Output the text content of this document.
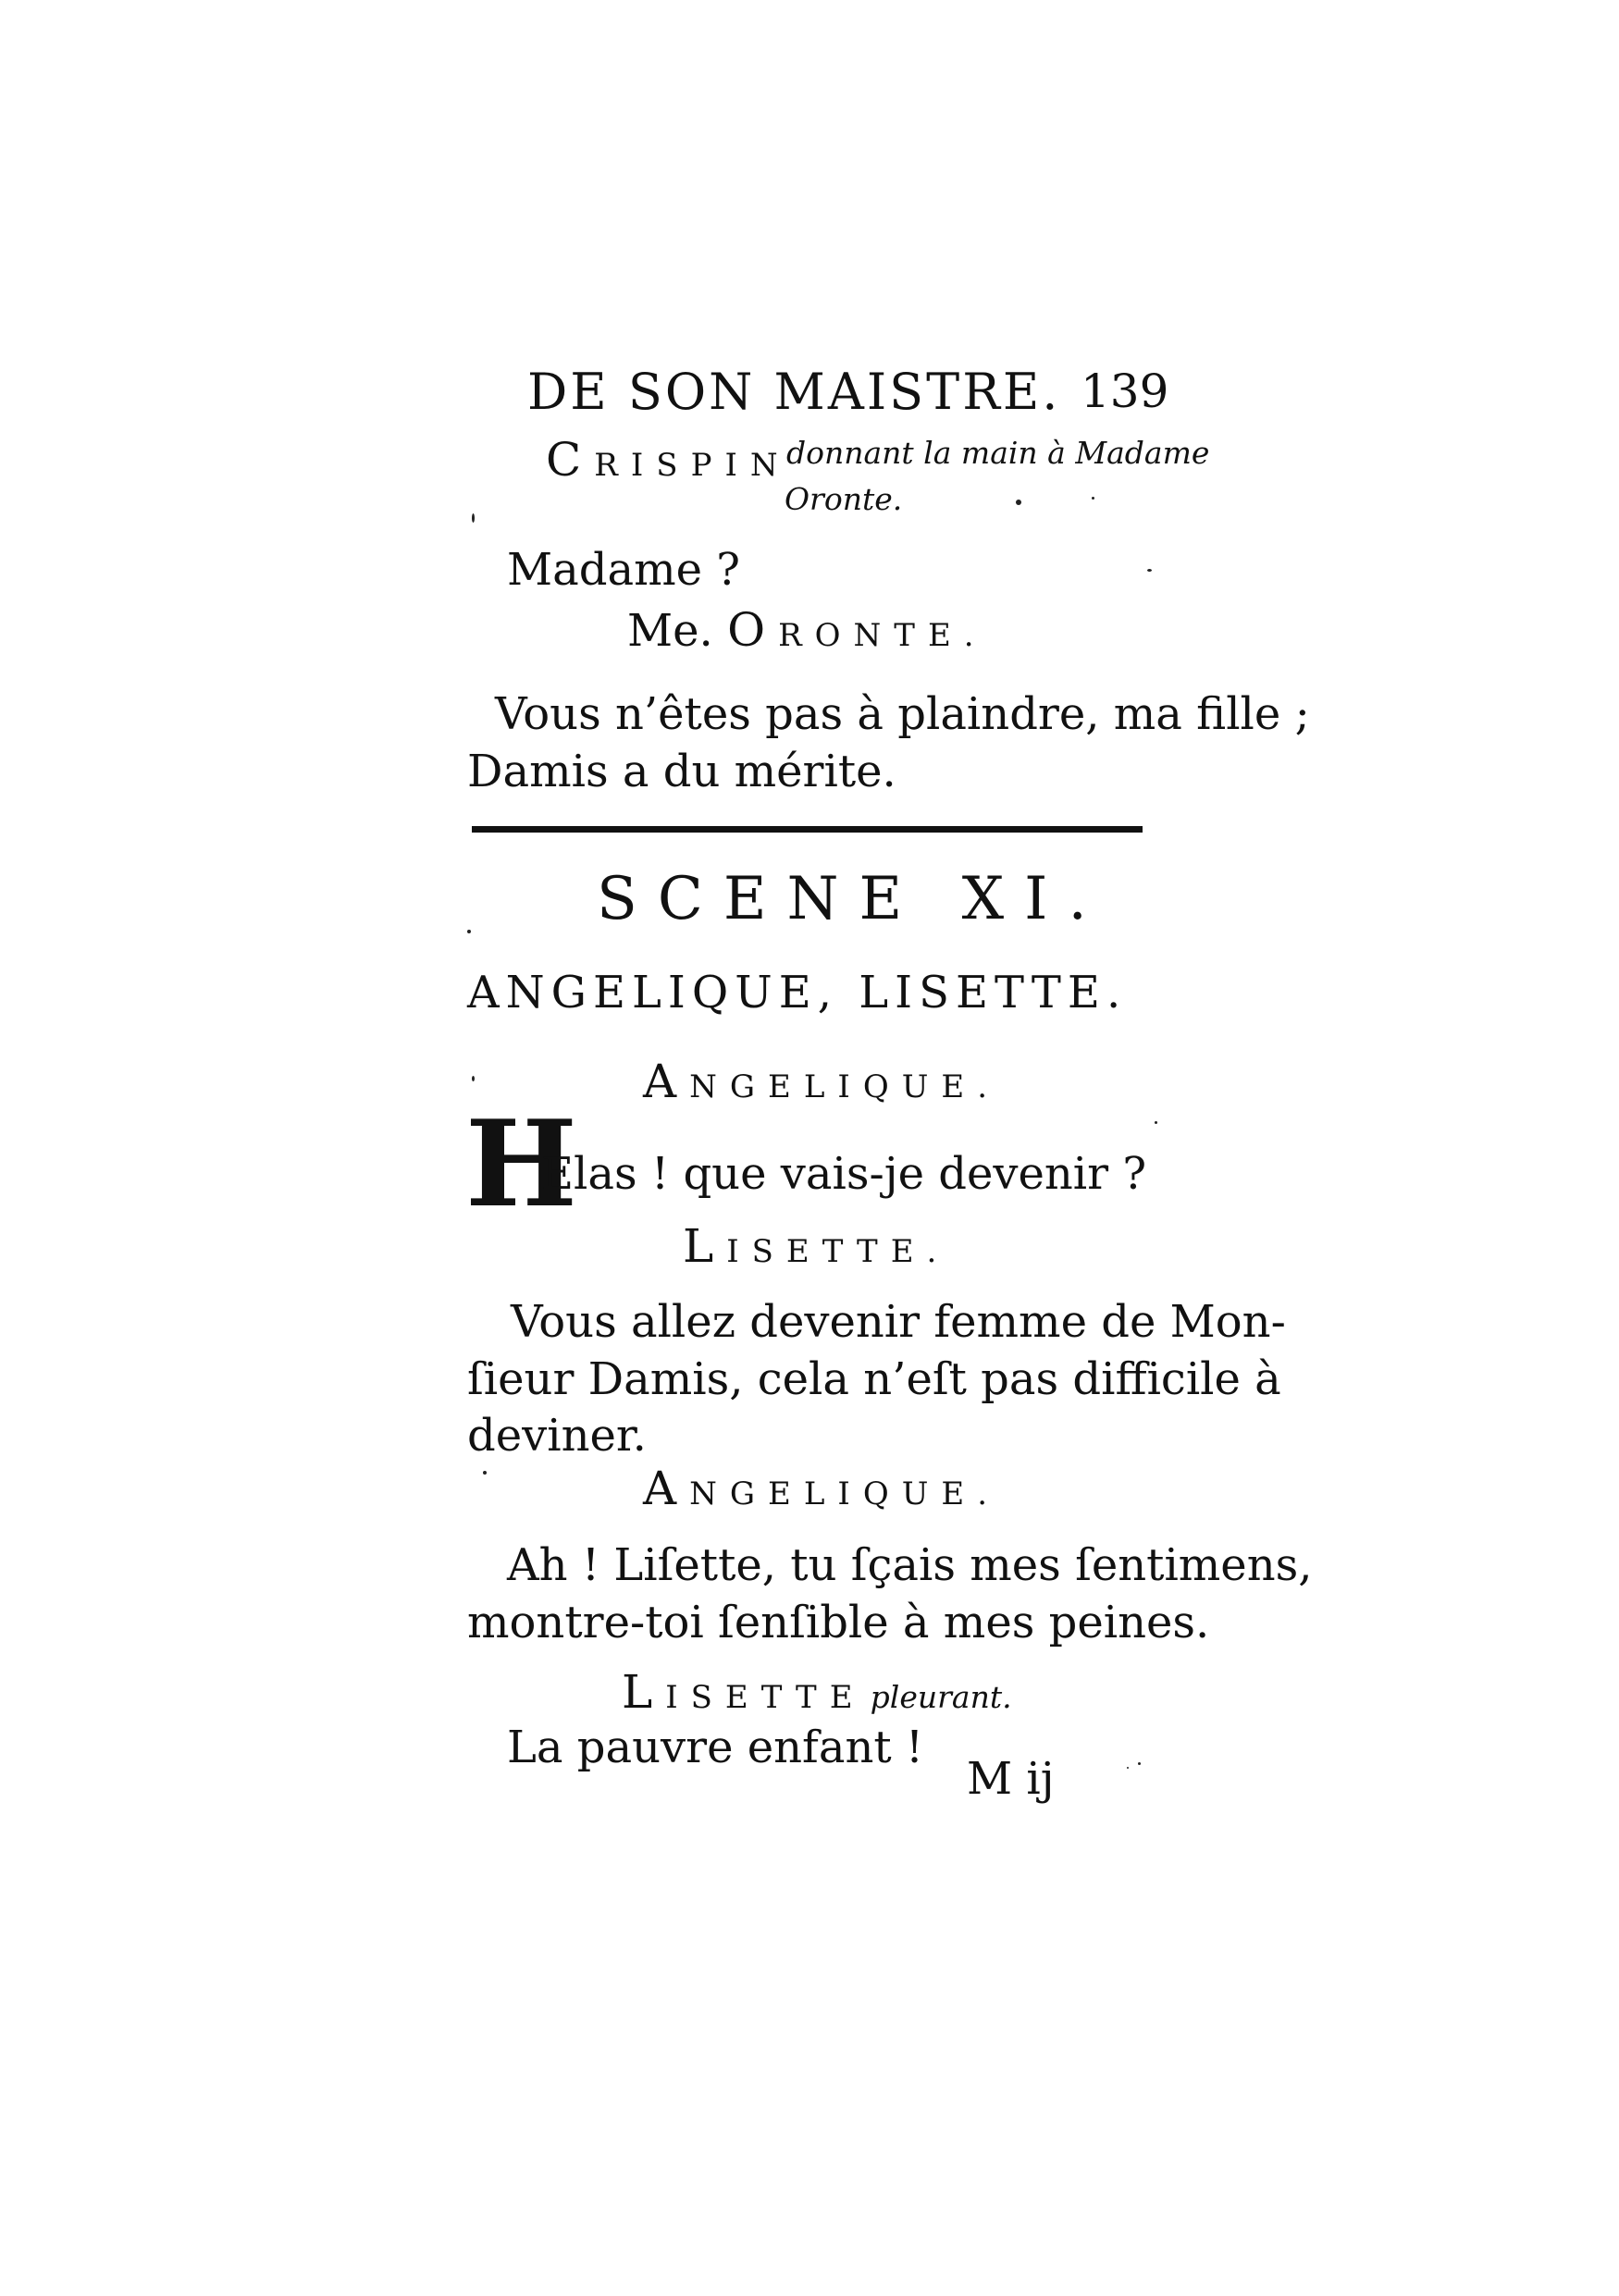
DE SON MAISTRE. 139
CRISPIN
donnant la main à Madame
Oronte.
Madame ?
Me. ORONTE.
Vous n’êtes pas à plaindre, ma fille ;
Damis a du mérite.
SCENE XI.
ANGELIQUE, LISETTE.
ANGELIQUE.
H
Elas ! que vais-je devenir ?
LISETTE.
Vous allez devenir femme de Mon-
ſieur Damis, cela n’eſt pas difficile à
deviner.
ANGELIQUE.
Ah ! Liſette, tu ſçais mes ſentimens,
montre-toi ſenſible à mes peines.
LISETTE pleurant.
La pauvre enfant !
M ij
